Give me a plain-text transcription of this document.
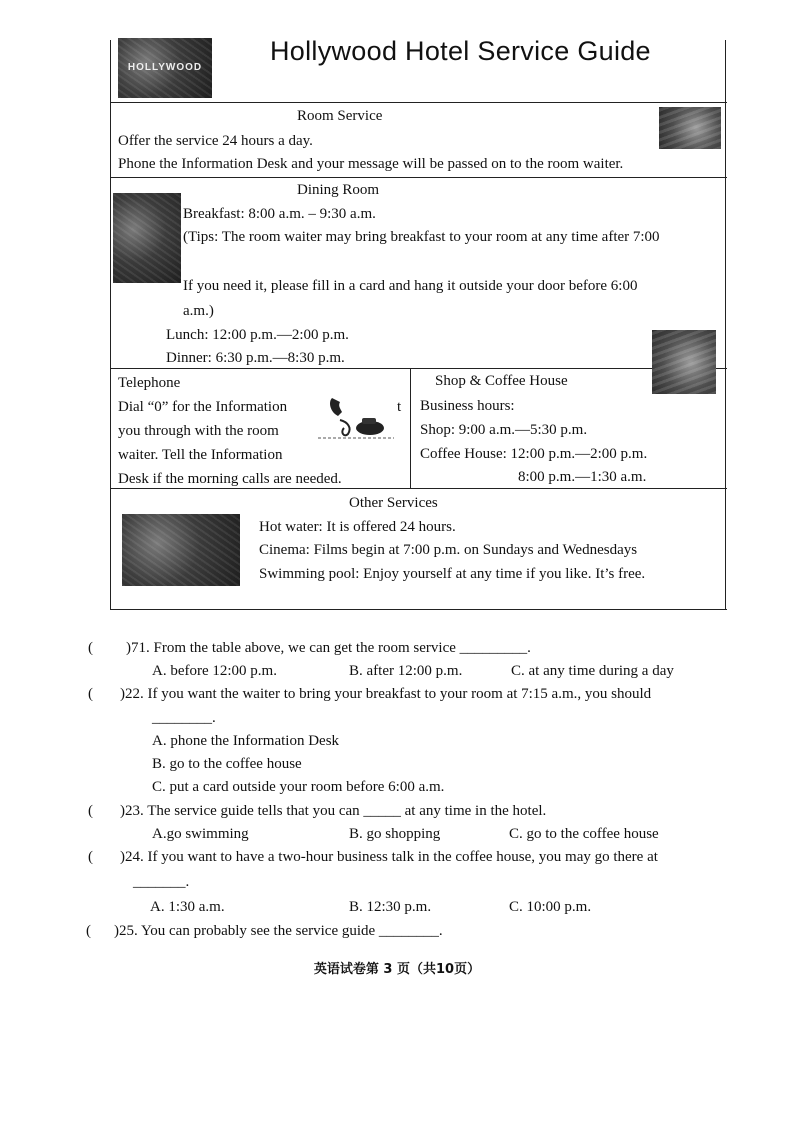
HOLLYWOOD
Hollywood Hotel Service Guide
Room Service
Offer the service 24 hours a day.
Phone the Information Desk and your message will be passed on to the room waiter.
Dining Room
Breakfast: 8:00 a.m. – 9:30 a.m.
(Tips: The room waiter may bring breakfast to your room at any time after 7:00
If you need it, please fill in a card and hang it outside your door before 6:00
a.m.)
Lunch: 12:00 p.m.—2:00 p.m.
Dinner: 6:30 p.m.—8:30 p.m.
Telephone
Dial “0” for the Information	t
you through with the room
waiter. Tell the Information
Desk if the morning calls are needed.
Shop & Coffee House
Business hours:
Shop: 9:00 a.m.—5:30 p.m.
Coffee House: 12:00 p.m.—2:00 p.m.
8:00 p.m.—1:30 a.m.
Other Services
Hot water: It is offered 24 hours.
Cinema: Films begin at 7:00 p.m. on Sundays and Wednesdays
Swimming pool: Enjoy yourself at any time if you like. It’s free.
( )71. From the table above, we can get the room service _________.
A. before 12:00 p.m.	B. after 12:00 p.m.	C. at any time during a day
( )22. If you want the waiter to bring your breakfast to your room at 7:15 a.m., you should
________.
A. phone the Information Desk
B. go to the coffee house
C. put a card outside your room before 6:00 a.m.
( )23. The service guide tells that you can _____ at any time in the hotel.
A.go swimming	B. go shopping	C. go to the coffee house
( )24. If you want to have a two-hour business talk in the coffee house, you may go there at
_______.
A. 1:30 a.m.	B. 12:30 p.m.	C. 10:00 p.m.
( )25. You can probably see the service guide ________.
英语试卷第 3 页（共10页）
